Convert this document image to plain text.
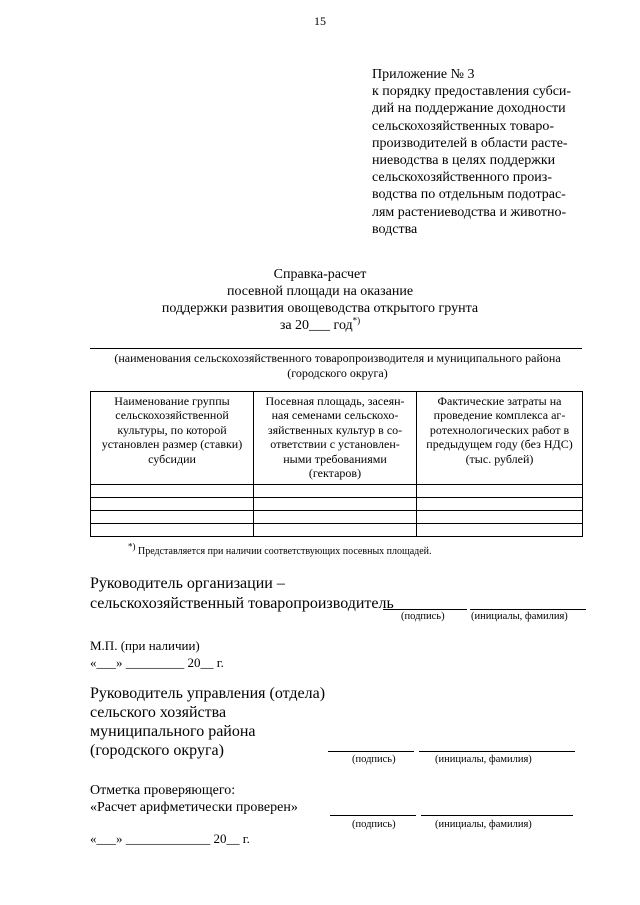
15
Приложение № 3
к порядку предоставления субси-
дий на поддержание доходности
сельскохозяйственных товаро-
производителей в области расте-
ниеводства в целях поддержки
сельскохозяйственного произ-
водства по отдельным подотрас-
лям растениеводства и животно-
водства
Справка-расчет
посевной площади на оказание
поддержки развития овощеводства открытого грунта
за 20___ год*)
(наименования сельскохозяйственного товаропроизводителя и муниципального района (городского округа)
Наименование группы сельскохозяйственной культуры, по которой установлен размер (ставки) субсидии	Посевная площадь, засеян-ная семенами сельскохо-зяйственных культур в со-ответствии с установлен-ными требованиями (гектаров)	Фактические затраты на проведение комплекса аг-ротехнологических работ в предыдущем году (без НДС) (тыс. рублей)

*) Представляется при наличии соответствующих посевных площадей.
Руководитель организации –
сельскохозяйственный товаропроизводитель
(подпись)	(инициалы, фамилия)
М.П. (при наличии)
«___» _________ 20__ г.
Руководитель управления (отдела)
сельского хозяйства
муниципального района
(городского округа)
(подпись)	(инициалы, фамилия)
Отметка проверяющего:
«Расчет арифметически проверен»
(подпись)	(инициалы, фамилия)
«___» _____________ 20__ г.
